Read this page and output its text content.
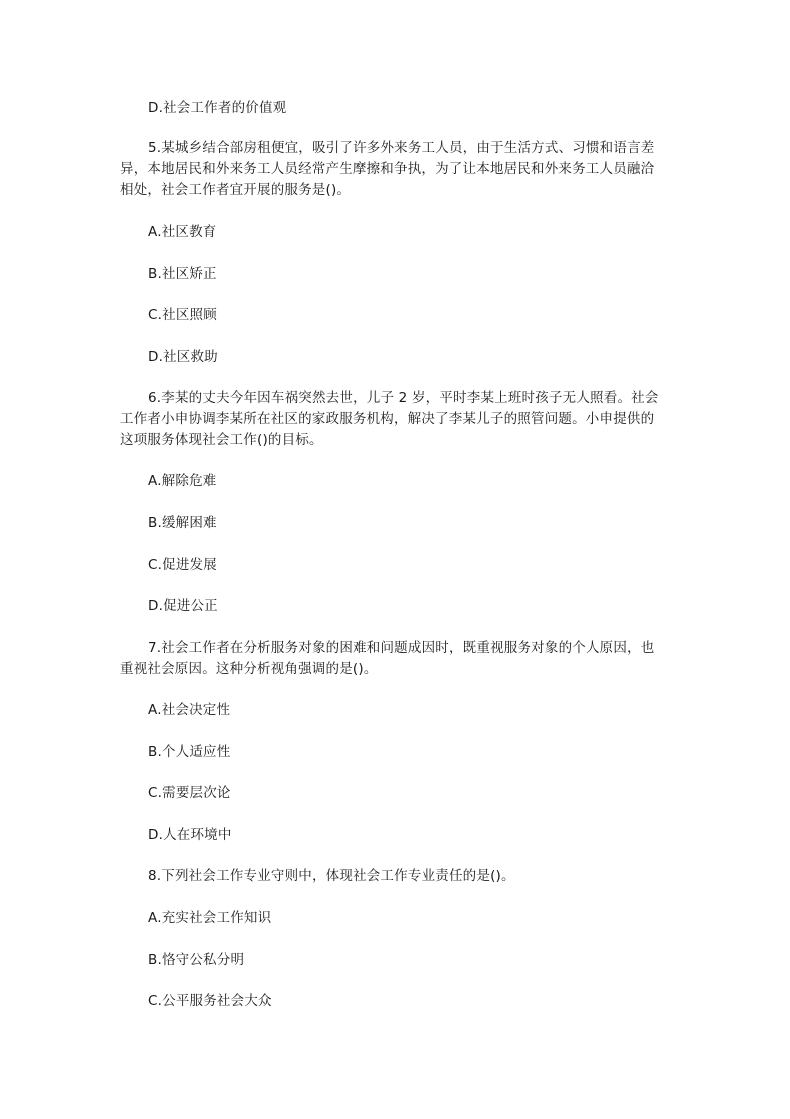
D.社会工作者的价值观
5.某城乡结合部房租便宜，吸引了许多外来务工人员，由于生活方式、习惯和语言差
异，本地居民和外来务工人员经常产生摩擦和争执，为了让本地居民和外来务工人员融洽
相处，社会工作者宜开展的服务是()。
A.社区教育
B.社区矫正
C.社区照顾
D.社区救助
6.李某的丈夫今年因车祸突然去世，儿子 2 岁，平时李某上班时孩子无人照看。社会
工作者小申协调李某所在社区的家政服务机构，解决了李某儿子的照管问题。小申提供的
这项服务体现社会工作()的目标。
A.解除危难
B.缓解困难
C.促进发展
D.促进公正
7.社会工作者在分析服务对象的困难和问题成因时，既重视服务对象的个人原因，也
重视社会原因。这种分析视角强调的是()。
A.社会决定性
B.个人适应性
C.需要层次论
D.人在环境中
8.下列社会工作专业守则中，体现社会工作专业责任的是()。
A.充实社会工作知识
B.恪守公私分明
C.公平服务社会大众
